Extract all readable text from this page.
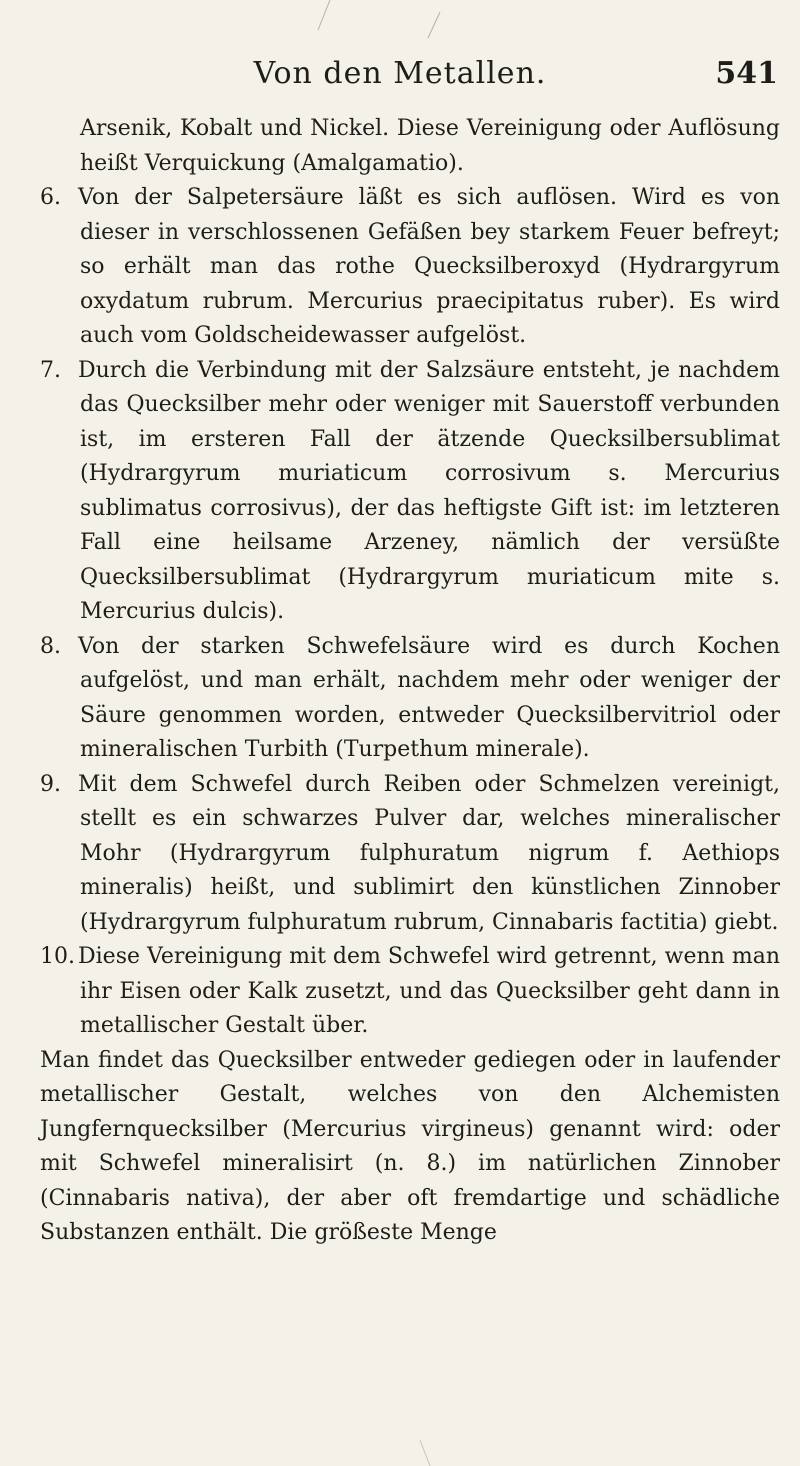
Von den Metallen.	541

Arsenik, Kobalt und Nickel. Diese Vereinigung oder Auflösung heißt Verquickung (Amalgamatio).

6. Von der Salpetersäure läßt es sich auflösen. Wird es von dieser in verschlossenen Gefäßen bey starkem Feuer befreyt; so erhält man das rothe Quecksilberoxyd (Hydrargyrum oxydatum rubrum. Mercurius praecipitatus ruber). Es wird auch vom Goldscheidewasser aufgelöst.

7. Durch die Verbindung mit der Salzsäure entsteht, je nachdem das Quecksilber mehr oder weniger mit Sauerstoff verbunden ist, im ersteren Fall der ätzende Quecksilbersublimat (Hydrargyrum muriaticum corrosivum s. Mercurius sublimatus corrosivus), der das heftigste Gift ist: im letzteren Fall eine heilsame Arzeney, nämlich der versüßte Quecksilbersublimat (Hydrargyrum muriaticum mite s. Mercurius dulcis).

8. Von der starken Schwefelsäure wird es durch Kochen aufgelöst, und man erhält, nachdem mehr oder weniger der Säure genommen worden, entweder Quecksilbervitriol oder mineralischen Turbith (Turpethum minerale).

9. Mit dem Schwefel durch Reiben oder Schmelzen vereinigt, stellt es ein schwarzes Pulver dar, welches mineralischer Mohr (Hydrargyrum fulphuratum nigrum f. Aethiops mineralis) heißt, und sublimirt den künstlichen Zinnober (Hydrargyrum fulphuratum rubrum, Cinnabaris factitia) giebt.

10. Diese Vereinigung mit dem Schwefel wird getrennt, wenn man ihr Eisen oder Kalk zusetzt, und das Quecksilber geht dann in metallischer Gestalt über.

Man findet das Quecksilber entweder gediegen oder in laufender metallischer Gestalt, welches von den Alchemisten Jungfernquecksilber (Mercurius virgineus) genannt wird: oder mit Schwefel mineralisirt (n. 8.) im natürlichen Zinnober (Cinnabaris nativa), der aber oft fremdartige und schädliche Substanzen enthält. Die größeste Menge
